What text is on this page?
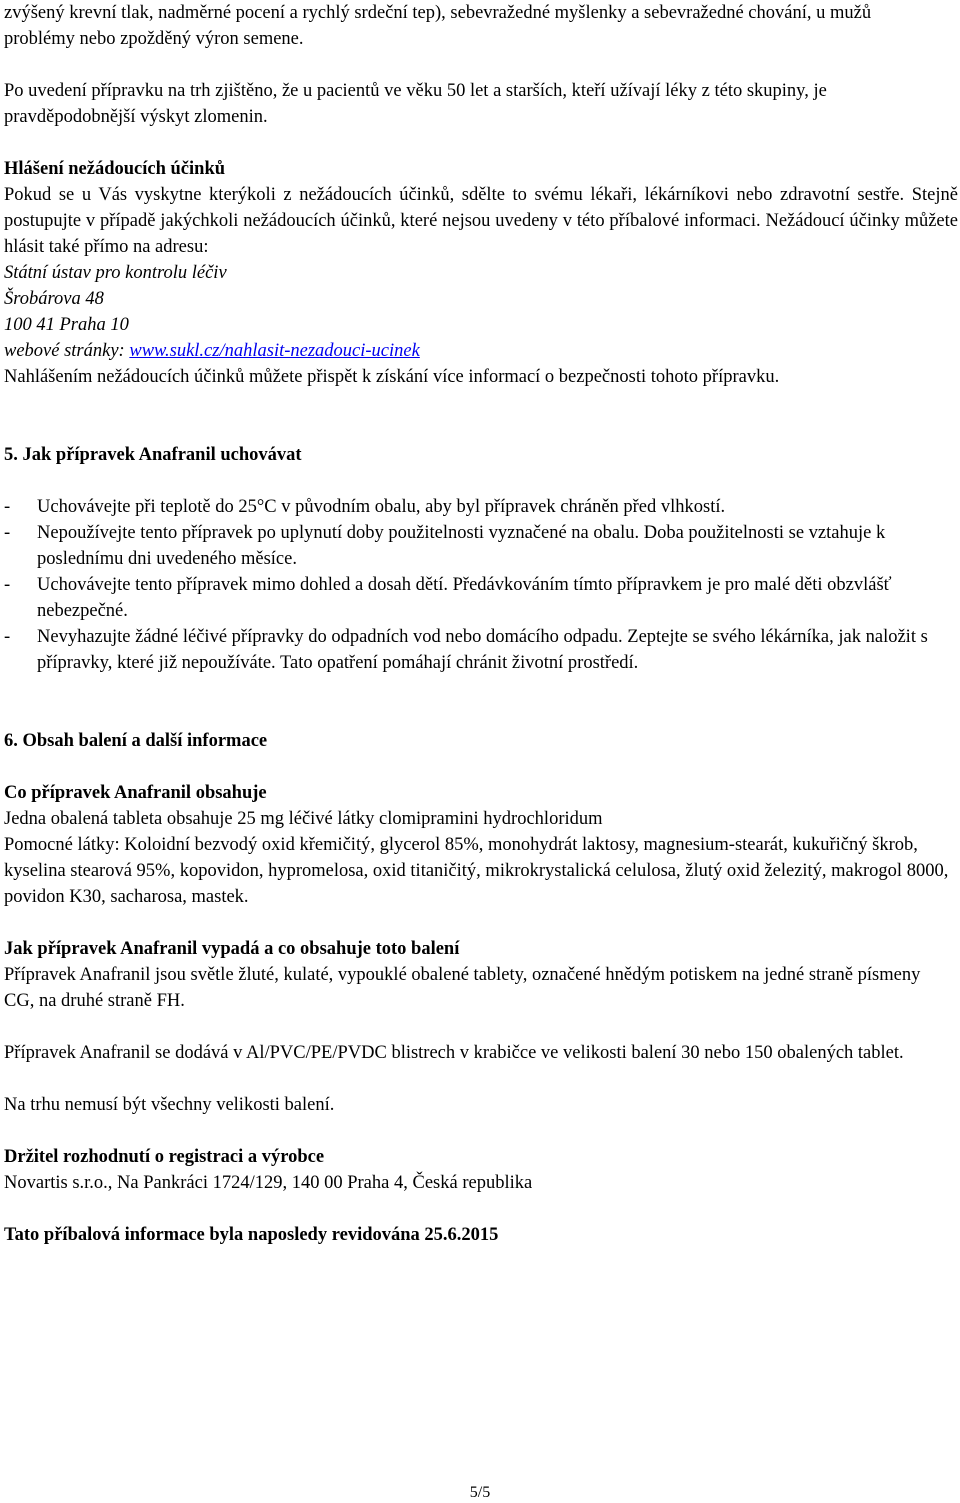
zvýšený krevní tlak, nadměrné pocení a rychlý srdeční tep), sebevražedné myšlenky a sebevražedné chování, u mužů problémy nebo zpožděný výron semene.

Po uvedení přípravku na trh zjištěno, že u pacientů ve věku 50 let a starších, kteří užívají léky z této skupiny, je pravděpodobnější výskyt zlomenin.

Hlášení nežádoucích účinků

Pokud se u Vás vyskytne kterýkoli z nežádoucích účinků, sdělte to svému lékaři, lékárníkovi nebo zdravotní sestře. Stejně postupujte v případě jakýchkoli nežádoucích účinků, které nejsou uvedeny v této příbalové informaci. Nežádoucí účinky můžete hlásit také přímo na adresu:

Státní ústav pro kontrolu léčiv

Šrobárova 48

100 41 Praha 10

webové stránky: www.sukl.cz/nahlasit-nezadouci-ucinek

Nahlášením nežádoucích účinků můžete přispět k získání více informací o bezpečnosti tohoto přípravku.

5. Jak přípravek Anafranil uchovávat

- Uchovávejte při teplotě do 25°C v původním obalu, aby byl přípravek chráněn před vlhkostí.
- Nepoužívejte tento přípravek po uplynutí doby použitelnosti vyznačené na obalu. Doba použitelnosti se vztahuje k poslednímu dni uvedeného měsíce.
- Uchovávejte tento přípravek mimo dohled a dosah dětí. Předávkováním tímto přípravkem je pro malé děti obzvlášť nebezpečné.
- Nevyhazujte žádné léčivé přípravky do odpadních vod nebo domácího odpadu. Zeptejte se svého lékárníka, jak naložit s přípravky, které již nepoužíváte. Tato opatření pomáhají chránit životní prostředí.

6. Obsah balení a další informace

Co přípravek Anafranil obsahuje

Jedna obalená tableta obsahuje 25 mg léčivé látky clomipramini hydrochloridum

Pomocné látky: Koloidní bezvodý oxid křemičitý, glycerol 85%, monohydrát laktosy, magnesium-stearát, kukuřičný škrob, kyselina stearová 95%, kopovidon, hypromelosa, oxid titaničitý, mikrokrystalická celulosa, žlutý oxid železitý, makrogol 8000, povidon K30, sacharosa, mastek.

Jak přípravek Anafranil vypadá a co obsahuje toto balení

Přípravek Anafranil jsou světle žluté, kulaté, vypouklé obalené tablety, označené hnědým potiskem na jedné straně písmeny CG, na druhé straně FH.

Přípravek Anafranil se dodává v Al/PVC/PE/PVDC blistrech v krabičce ve velikosti balení 30 nebo 150 obalených tablet.

Na trhu nemusí být všechny velikosti balení.

Držitel rozhodnutí o registraci a výrobce

Novartis s.r.o., Na Pankráci 1724/129, 140 00 Praha 4, Česká republika

Tato příbalová informace byla naposledy revidována 25.6.2015

5/5
